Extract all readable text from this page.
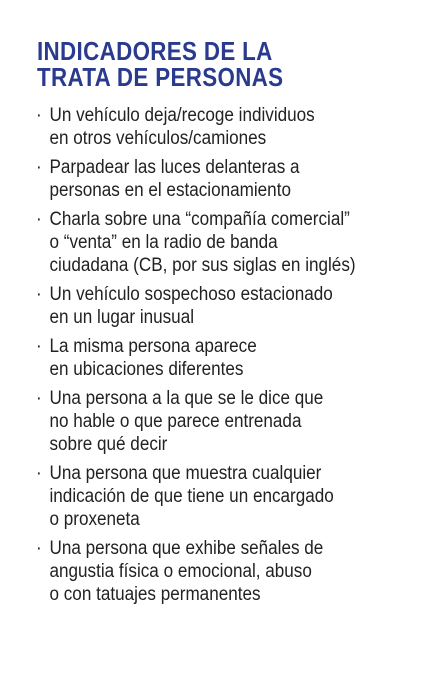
INDICADORES DE LA
TRATA DE PERSONAS
· Un vehículo deja/recoge individuos
en otros vehículos/camiones
· Parpadear las luces delanteras a
personas en el estacionamiento
· Charla sobre una “compañía comercial”
o “venta” en la radio de banda
ciudadana (CB, por sus siglas en inglés)
· Un vehículo sospechoso estacionado
en un lugar inusual
· La misma persona aparece
en ubicaciones diferentes
· Una persona a la que se le dice que
no hable o que parece entrenada
sobre qué decir
· Una persona que muestra cualquier
indicación de que tiene un encargado
o proxeneta
· Una persona que exhibe señales de
angustia física o emocional, abuso
o con tatuajes permanentes
